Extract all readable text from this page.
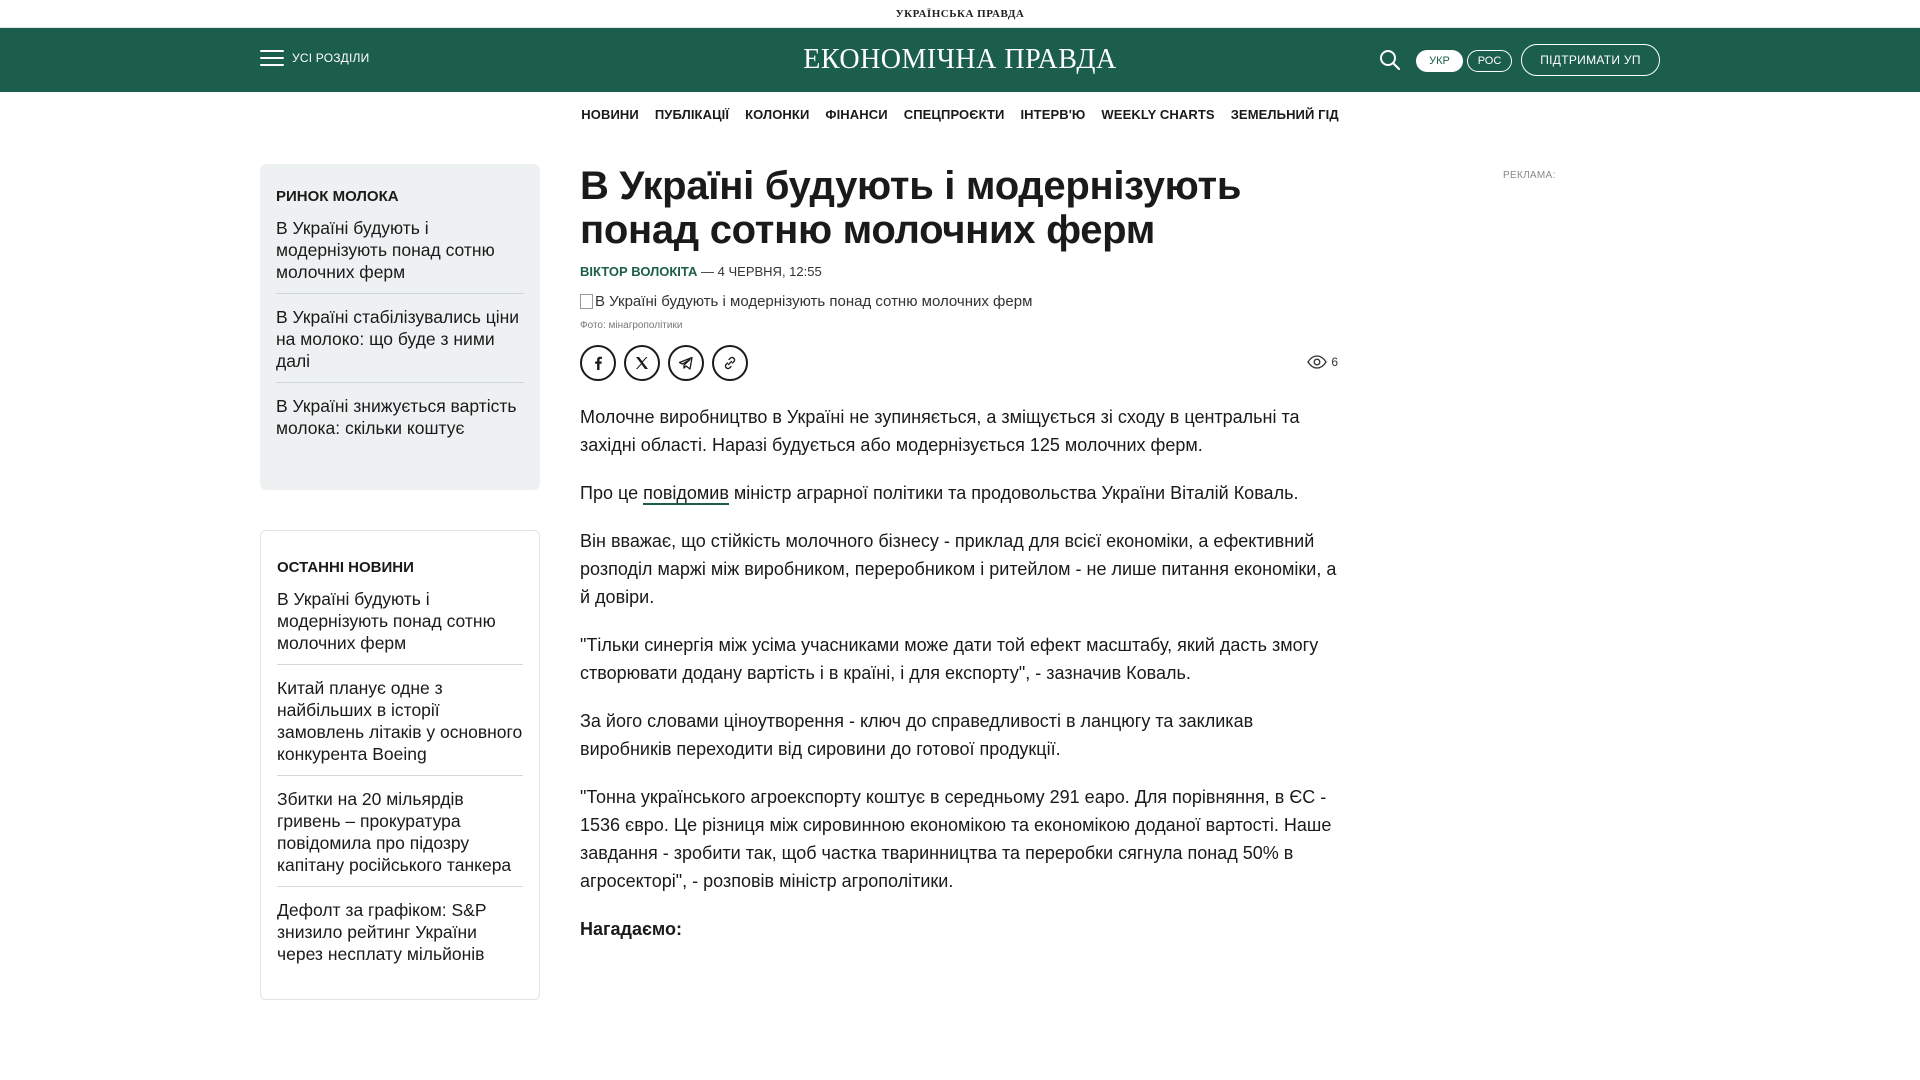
УКРАЇНСЬКА ПРАВДА
УСІ РОЗДІЛИ	ЕКОНОМІЧНА ПРАВДА	УКР	РОС	ПІДТРИМАТИ УП
НОВИНИ ПУБЛІКАЦІЇ КОЛОНКИ ФІНАНСИ СПЕЦПРОЄКТИ ІНТЕРВ'Ю WEEKLY CHARTS ЗЕМЕЛЬНИЙ ГІД
РИНОК МОЛОКА
В Україні будують і модернізують понад сотню молочних ферм
В Україні стабілізувались ціни на молоко: що буде з ними далі
В Україні знижується вартість молока: скільки коштує
ОСТАННІ НОВИНИ
В Україні будують і модернізують понад сотню молочних ферм
Китай планує одне з найбільших в історії замовлень літаків у основного конкурента Boeing
Збитки на 20 мільярдів гривень – прокуратура повідомила про підозру капітану російського танкера
Дефолт за графіком: S&P знизило рейтинг України через несплату мільйонів
В Україні будують і модернізують понад сотню молочних ферм
ВІКТОР ВОЛОКІТА — 4 ЧЕРВНЯ, 12:55
В Україні будують і модернізують понад сотню молочних ферм
Фото: мінагрополітики
6

Молочне виробництво в Україні не зупиняється, а зміщується зі сходу в центральні та західні області. Наразі будується або модернізується 125 молочних ферм.

Про це повідомив міністр аграрної політики та продовольства України Віталій Коваль.

Він вважає, що стійкість молочного бізнесу - приклад для всієї економіки, а ефективний розподіл маржі між виробником, переробником і ритейлом - не лише питання економіки, а й довіри.

"Тільки синергія між усіма учасниками може дати той ефект масштабу, який дасть змогу створювати додану вартість і в країні, і для експорту", - зазначив Коваль.

За його словами ціноутворення - ключ до справедливості в ланцюгу та закликав виробників переходити від сировини до готової продукції.

"Тонна українського агроекспорту коштує в середньому 291 еаро. Для порівняння, в ЄС - 1536 євро. Це різниця між сировинною економікою та економікою доданої вартості. Наше завдання - зробити так, щоб частка тваринництва та переробки сягнула понад 50% в агросекторі", - розповів міністр агрополітики.

Нагадаємо:

РЕКЛАМА:
